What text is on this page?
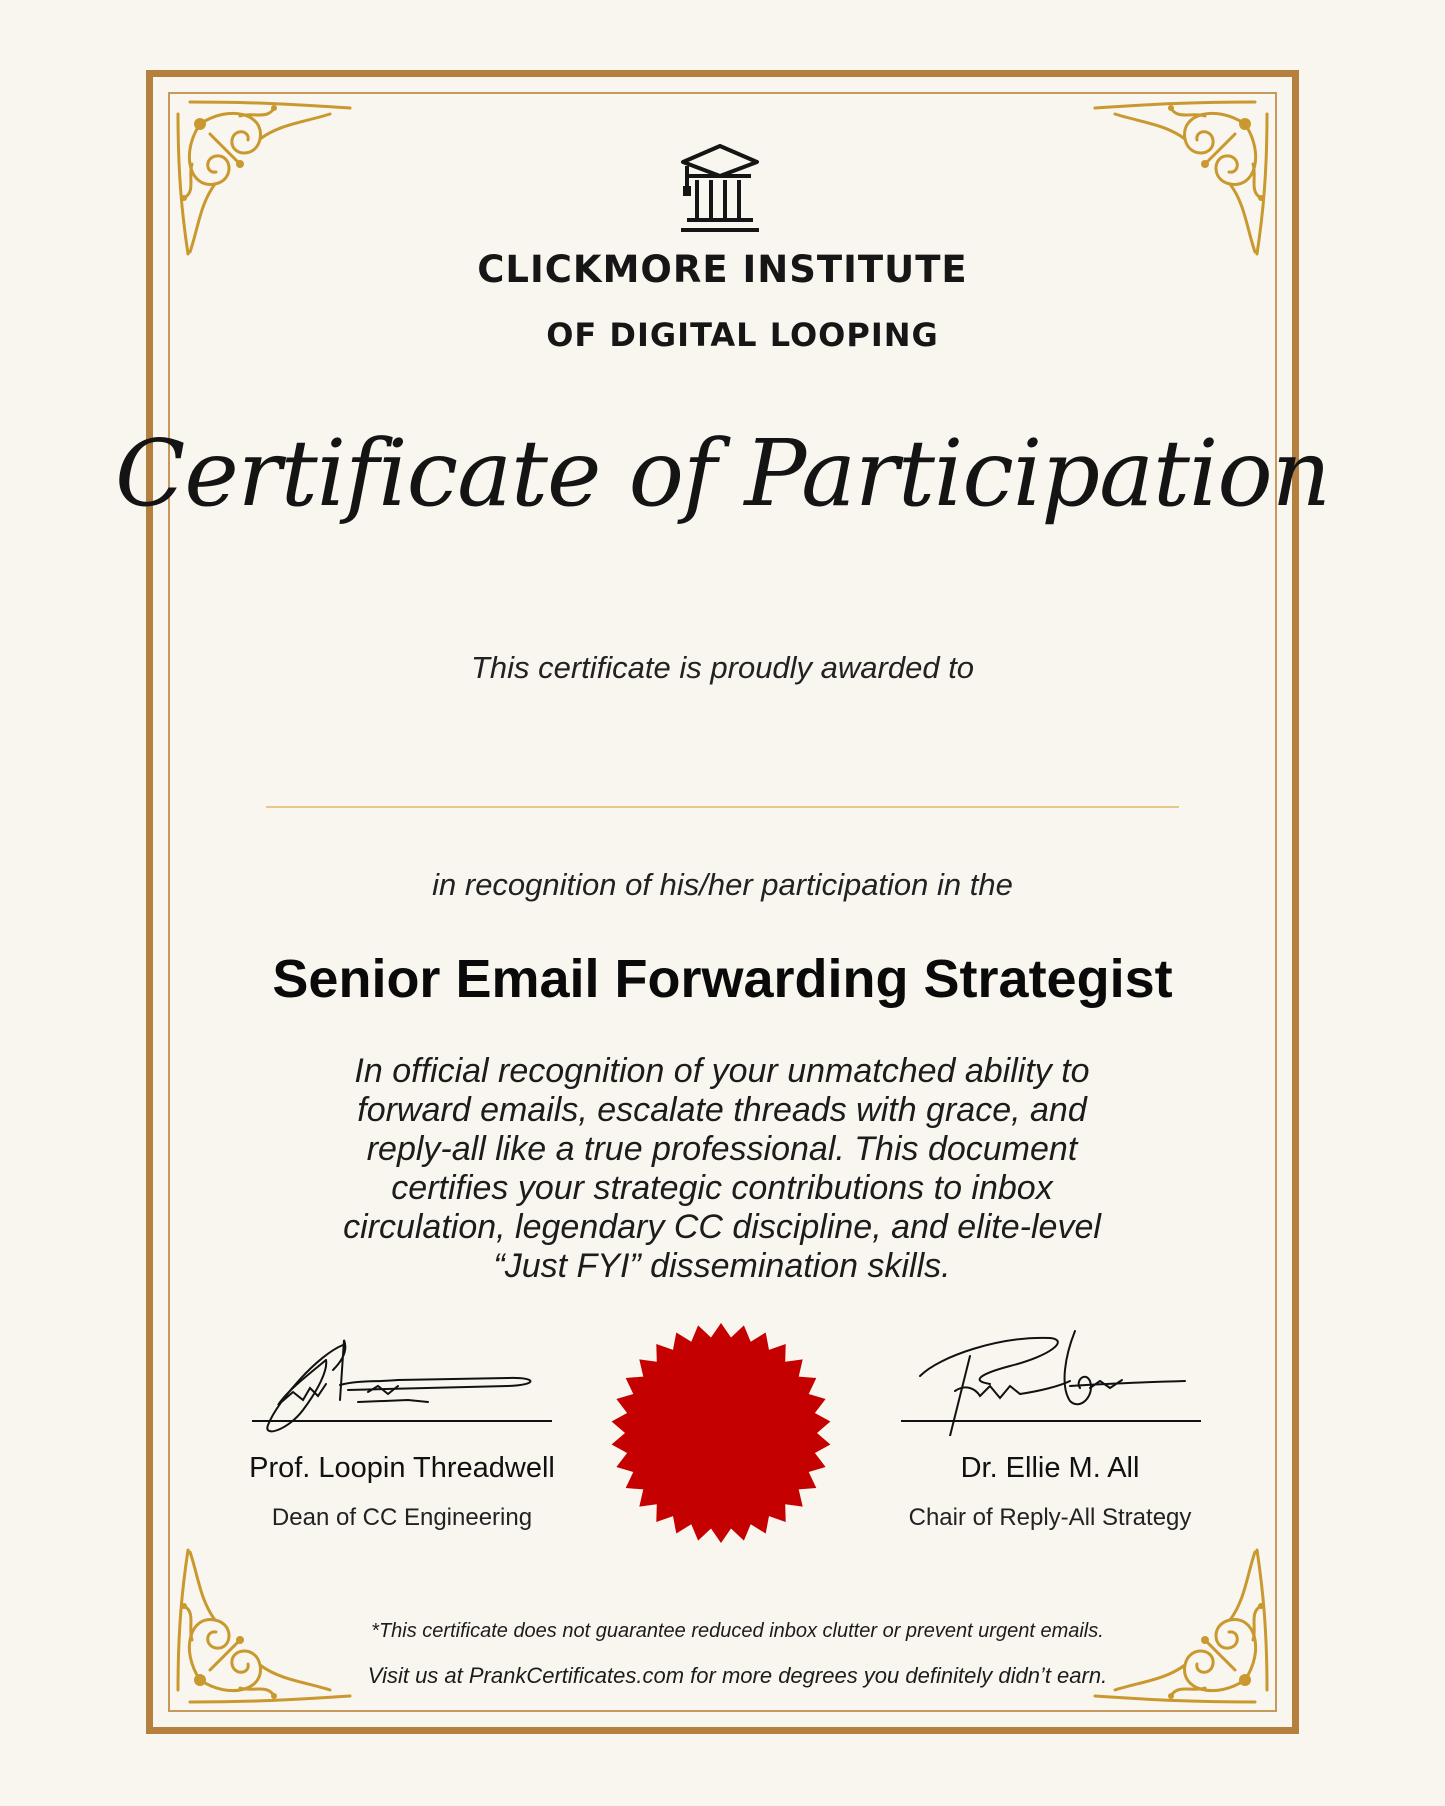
CLICKMORE INSTITUTE
OF DIGITAL LOOPING
Certificate of Participation
This certificate is proudly awarded to
in recognition of his/her participation in the
Senior Email Forwarding Strategist
In official recognition of your unmatched ability to forward emails, escalate threads with grace, and reply-all like a true professional. This document certifies your strategic contributions to inbox circulation, legendary CC discipline, and elite-level “Just FYI” dissemination skills.
Prof. Loopin Threadwell
Dean of CC Engineering
Dr. Ellie M. All
Chair of Reply-All Strategy
*This certificate does not guarantee reduced inbox clutter or prevent urgent emails.
Visit us at PrankCertificates.com for more degrees you definitely didn’t earn.
